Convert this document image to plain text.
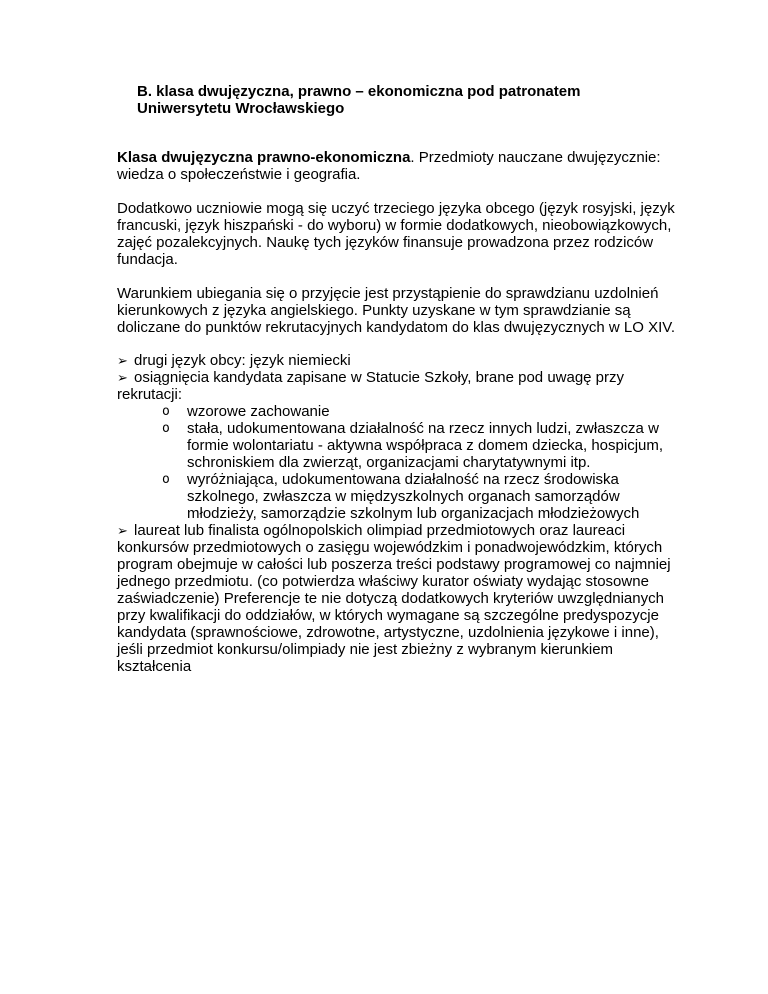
B. klasa dwujęzyczna, prawno – ekonomiczna pod patronatem
Uniwersytetu Wrocławskiego

Klasa dwujęzyczna prawno-ekonomiczna. Przedmioty nauczane dwujęzycznie: wiedza o społeczeństwie i geografia.

Dodatkowo uczniowie mogą się uczyć trzeciego języka obcego (język rosyjski, język francuski, język hiszpański - do wyboru) w formie dodatkowych, nieobowiązkowych, zajęć pozalekcyjnych. Naukę tych języków finansuje prowadzona przez rodziców fundacja.

Warunkiem ubiegania się o przyjęcie jest przystąpienie do sprawdzianu uzdolnień kierunkowych z języka angielskiego. Punkty uzyskane w tym sprawdzianie są doliczane do punktów rekrutacyjnych kandydatom do klas dwujęzycznych w LO XIV.

➢ drugi język obcy: język niemiecki
➢ osiągnięcia kandydata zapisane w Statucie Szkoły, brane pod uwagę przy rekrutacji:
o wzorowe zachowanie
o stała, udokumentowana działalność na rzecz innych ludzi, zwłaszcza w formie wolontariatu - aktywna współpraca z domem dziecka, hospicjum, schroniskiem dla zwierząt, organizacjami charytatywnymi itp.
o wyróżniająca, udokumentowana działalność na rzecz środowiska szkolnego, zwłaszcza w międzyszkolnych organach samorządów młodzieży, samorządzie szkolnym lub organizacjach młodzieżowych
➢ laureat lub finalista ogólnopolskich olimpiad przedmiotowych oraz laureaci konkursów przedmiotowych o zasięgu wojewódzkim i ponadwojewódzkim, których program obejmuje w całości lub poszerza treści podstawy programowej co najmniej jednego przedmiotu. (co potwierdza właściwy kurator oświaty wydając stosowne zaświadczenie) Preferencje te nie dotyczą dodatkowych kryteriów uwzględnianych przy kwalifikacji do oddziałów, w których wymagane są szczególne predyspozycje kandydata (sprawnościowe, zdrowotne, artystyczne, uzdolnienia językowe i inne), jeśli przedmiot konkursu/olimpiady nie jest zbieżny z wybranym kierunkiem kształcenia
